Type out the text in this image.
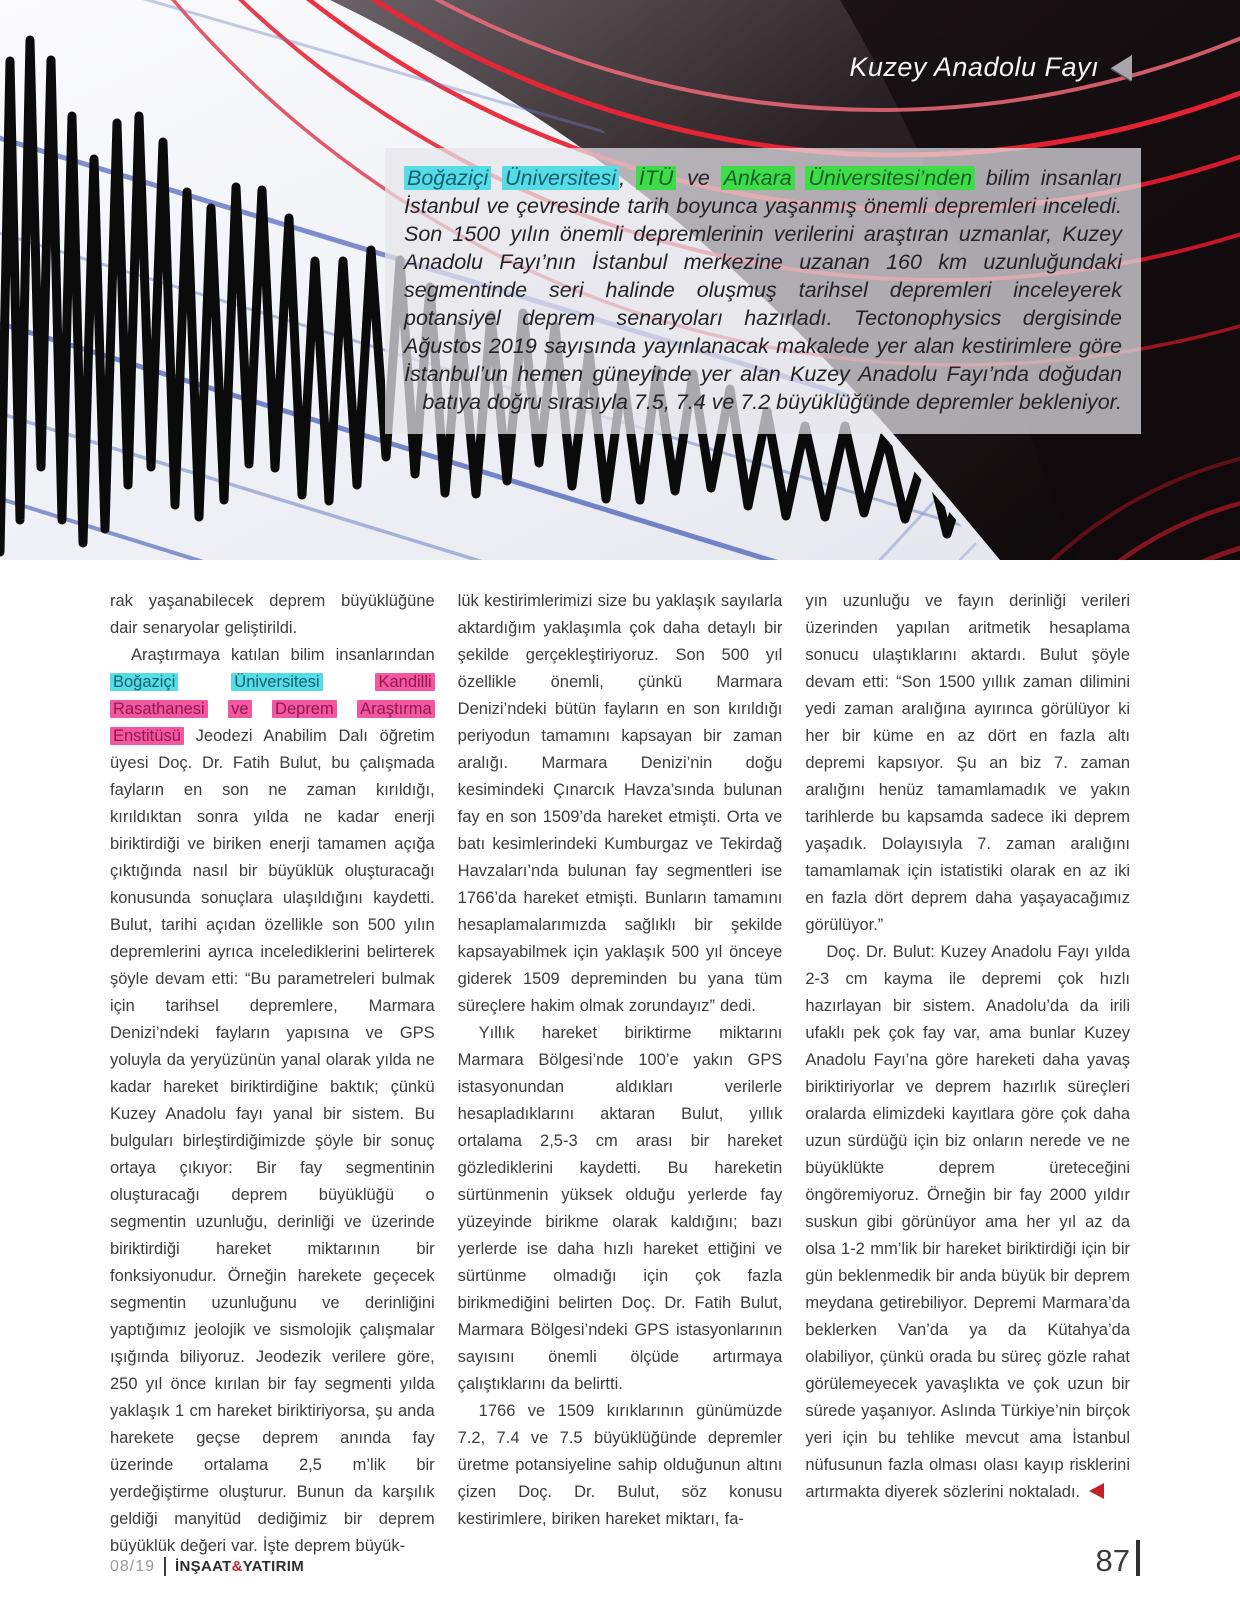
Kuzey Anadolu Fayı
Boğaziçi Üniversitesi , İTÜ ve Ankara Üniversitesi’nden bilim insanları İstanbul ve çevresinde tarih boyunca yaşanmış önemli depremleri inceledi. Son 1500 yılın önemli depremlerinin verilerini araştıran uzmanlar, Kuzey Anadolu Fayı’nın İstanbul merkezine uzanan 160 km uzunluğundaki segmentinde seri halinde oluşmuş tarihsel depremleri inceleyerek potansiyel deprem senaryoları hazırladı. Tectonophysics dergisinde Ağustos 2019 sayısında yayınlanacak makalede yer alan kestirimlere göre İstanbul’un hemen güneyinde yer alan Kuzey Anadolu Fayı’nda doğudan batıya doğru sırasıyla 7.5, 7.4 ve 7.2 büyüklüğünde depremler bekleniyor.

rak yaşanabilecek deprem büyüklüğüne dair senaryolar geliştirildi.

Araştırmaya katılan bilim insanlarından Boğaziçi	Üniversitesi	Kandilli Rasathanesi ve Deprem Araştırma Enstitüsü Jeodezi Anabilim Dalı öğretim üyesi Doç. Dr. Fatih Bulut, bu çalışmada fayların en son ne zaman kırıldığı, kırıldıktan sonra yılda ne kadar enerji biriktirdiği ve biriken enerji tamamen açığa çıktığında nasıl bir büyüklük oluşturacağı konusunda sonuçlara ulaşıldığını kaydetti. Bulut, tarihi açıdan özellikle son 500 yılın depremlerini ayrıca incelediklerini belirterek şöyle devam etti: “Bu parametreleri bulmak için tarihsel depremlere, Marmara Denizi’ndeki fayların yapısına ve GPS yoluyla da yeryüzünün yanal olarak yılda ne kadar hareket biriktirdiğine baktık; çünkü Kuzey Anadolu fayı yanal bir sistem. Bu bulguları birleştirdiğimizde şöyle bir sonuç ortaya çıkıyor: Bir fay segmentinin oluşturacağı deprem büyüklüğü o segmentin uzunluğu, derinliği ve üzerinde biriktirdiği hareket miktarının bir fonksiyonudur. Örneğin harekete geçecek segmentin uzunluğunu ve derinliğini yaptığımız jeolojik ve sismolojik çalışmalar ışığında biliyoruz. Jeodezik verilere göre, 250 yıl önce kırılan bir fay segmenti yılda yaklaşık 1 cm hareket biriktiriyorsa, şu anda harekete geçse deprem anında fay üzerinde ortalama 2,5 m’lik bir yerdeğiştirme oluşturur. Bunun da karşılık geldiği manyitüd dediğimiz bir deprem büyüklük değeri var. İşte deprem büyük-

lük kestirimlerimizi size bu yaklaşık sayılarla aktardığım yaklaşımla çok daha detaylı bir şekilde gerçekleştiriyoruz. Son 500 yıl özellikle önemli, çünkü Marmara Denizi’ndeki bütün fayların en son kırıldığı periyodun tamamını kapsayan bir zaman aralığı. Marmara Denizi’nin doğu kesimindeki Çınarcık Havza’sında bulunan fay en son 1509’da hareket etmişti. Orta ve batı kesimlerindeki Kumburgaz ve Tekirdağ Havzaları’nda bulunan fay segmentleri ise 1766’da hareket etmişti. Bunların tamamını hesaplamalarımızda sağlıklı bir şekilde kapsayabilmek için yaklaşık 500 yıl önceye giderek 1509 depreminden bu yana tüm süreçlere hakim olmak zorundayız” dedi.

Yıllık hareket biriktirme miktarını Marmara Bölgesi’nde 100’e yakın GPS istasyonundan aldıkları verilerle hesapladıklarını aktaran Bulut, yıllık ortalama 2,5-3 cm arası bir hareket gözlediklerini kaydetti. Bu hareketin sürtünmenin yüksek olduğu yerlerde fay yüzeyinde birikme olarak kaldığını; bazı yerlerde ise daha hızlı hareket ettiğini ve sürtünme olmadığı için çok fazla birikmediğini belirten Doç. Dr. Fatih Bulut, Marmara Bölgesi’ndeki GPS istasyonlarının sayısını önemli ölçüde artırmaya çalıştıklarını da belirtti.

1766 ve 1509 kırıklarının günümüzde 7.2, 7.4 ve 7.5 büyüklüğünde depremler üretme potansiyeline sahip olduğunun altını çizen Doç. Dr. Bulut, söz konusu kestirimlere, biriken hareket miktarı, fa-

yın uzunluğu ve fayın derinliği verileri üzerinden yapılan aritmetik hesaplama sonucu ulaştıklarını aktardı. Bulut şöyle devam etti: “Son 1500 yıllık zaman dilimini yedi zaman aralığına ayırınca görülüyor ki her bir küme en az dört en fazla altı depremi kapsıyor. Şu an biz 7. zaman aralığını henüz tamamlamadık ve yakın tarihlerde bu kapsamda sadece iki deprem yaşadık. Dolayısıyla 7. zaman aralığını tamamlamak için istatistiki olarak en az iki en fazla dört deprem daha yaşayacağımız görülüyor.”

Doç. Dr. Bulut: Kuzey Anadolu Fayı yılda 2-3 cm kayma ile depremi çok hızlı hazırlayan bir sistem. Anadolu’da da irili ufaklı pek çok fay var, ama bunlar Kuzey Anadolu Fayı’na göre hareketi daha yavaş biriktiriyorlar ve deprem hazırlık süreçleri oralarda elimizdeki kayıtlara göre çok daha uzun sürdüğü için biz onların nerede ve ne büyüklükte deprem üreteceğini öngöremiyoruz. Örneğin bir fay 2000 yıldır suskun gibi görünüyor ama her yıl az da olsa 1-2 mm’lik bir hareket biriktirdiği için bir gün beklenmedik bir anda büyük bir deprem meydana getirebiliyor. Depremi Marmara’da beklerken Van’da ya da Kütahya’da olabiliyor, çünkü orada bu süreç gözle rahat görülemeyecek yavaşlıkta ve çok uzun bir sürede yaşanıyor. Aslında Türkiye’nin birçok yeri için bu tehlike mevcut ama İstanbul nüfusunun fazla olması olası kayıp risklerini artırmakta diyerek sözlerini noktaladı.

08/19 İNŞAAT&YATIRIM	87
